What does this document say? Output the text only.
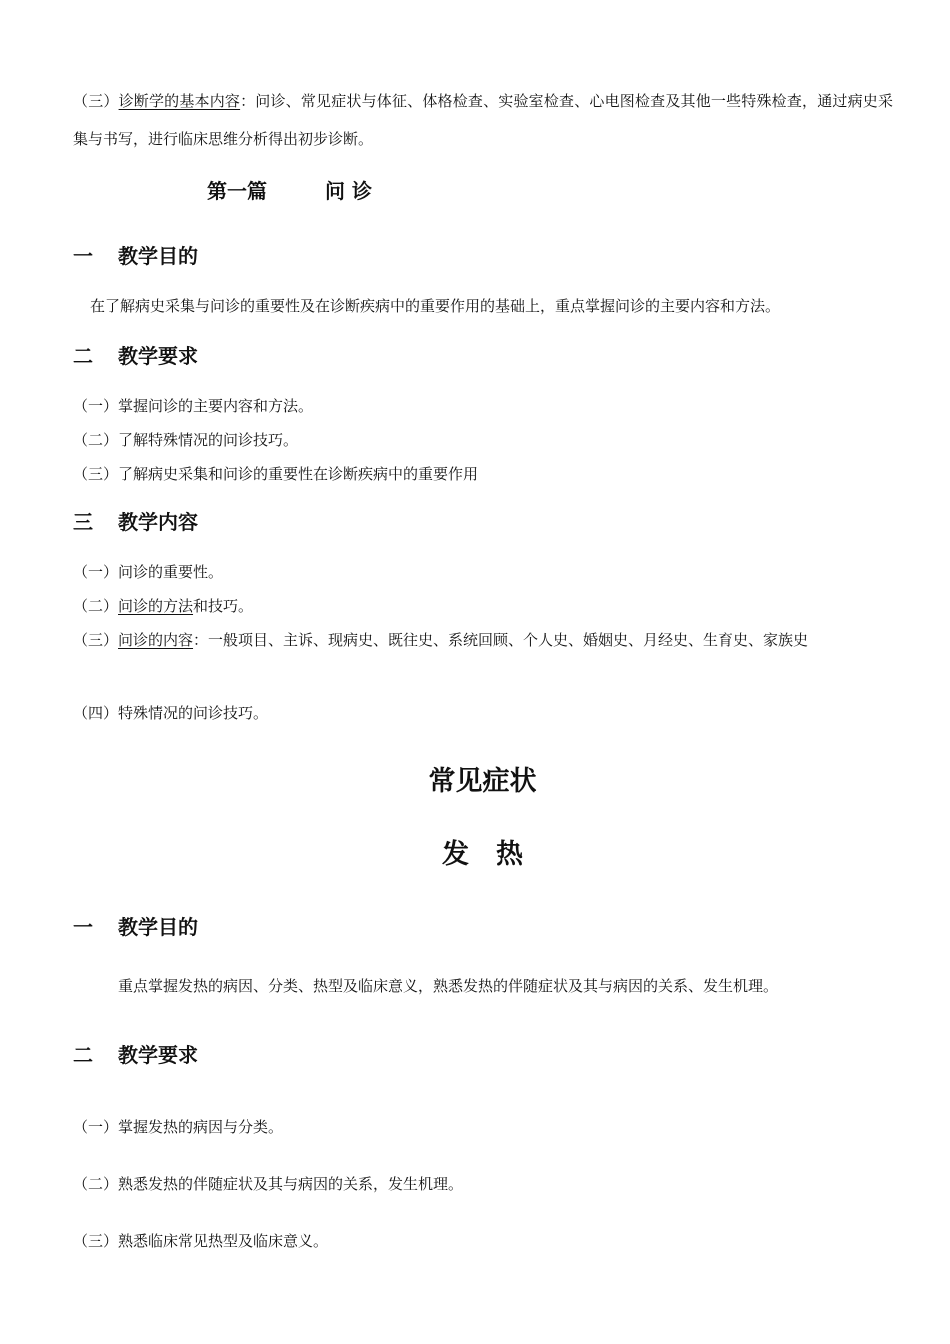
（三）诊断学的基本内容：问诊、常见症状与体征、体格检查、实验室检查、心电图检查及其他一些特殊检查，通过病史采集与书写，进行临床思维分析得出初步诊断。
第一篇	问 诊
一 教学目的
在了解病史采集与问诊的重要性及在诊断疾病中的重要作用的基础上，重点掌握问诊的主要内容和方法。
二 教学要求
（一）掌握问诊的主要内容和方法。
（二）了解特殊情况的问诊技巧。
（三）了解病史采集和问诊的重要性在诊断疾病中的重要作用
三 教学内容
（一）问诊的重要性。
（二）问诊的方法和技巧。
（三）问诊的内容：一般项目、主诉、现病史、既往史、系统回顾、个人史、婚姻史、月经史、生育史、家族史
（四）特殊情况的问诊技巧。
常见症状
发　热
一 教学目的
重点掌握发热的病因、分类、热型及临床意义，熟悉发热的伴随症状及其与病因的关系、发生机理。
二 教学要求
（一）掌握发热的病因与分类。
（二）熟悉发热的伴随症状及其与病因的关系，发生机理。
（三）熟悉临床常见热型及临床意义。
